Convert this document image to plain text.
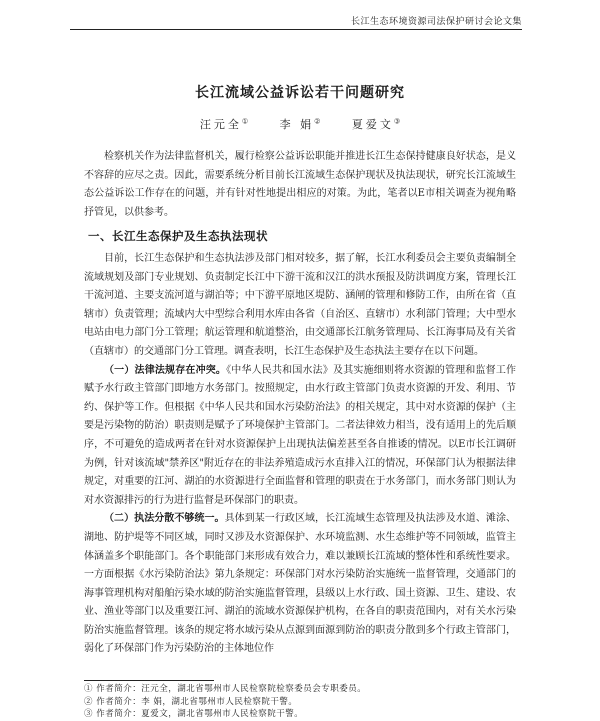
长江生态环境资源司法保护研讨会论文集
长江流域公益诉讼若干问题研究
汪元全①	李 娟②	夏爱文③

检察机关作为法律监督机关，履行检察公益诉讼职能并推进长江生态保持健康良好状态，是义不容辞的应尽之责。因此，需要系统分析目前长江流域生态保护现状及执法现状，研究长江流域生态公益诉讼工作存在的问题，并有针对性地提出相应的对策。为此，笔者以E市相关调查为视角略抒管见，以供参考。

一、长江生态保护及生态执法现状

目前，长江生态保护和生态执法涉及部门相对较多，据了解，长江水利委员会主要负责编制全流域规划及部门专业规划、负责制定长江中下游干流和汉江的洪水预报及防洪调度方案，管理长江干流河道、主要支流河道与湖泊等；中下游平原地区堤防、涵闸的管理和修防工作，由所在省（直辖市）负责管理；流域内大中型综合利用水库由各省（自治区、直辖市）水利部门管理；大中型水电站由电力部门分工管理；航运管理和航道整治，由交通部长江航务管理局、长江海事局及有关省（直辖市）的交通部门分工管理。调查表明，长江生态保护及生态执法主要存在以下问题。

（一）法律法规存在冲突。《中华人民共和国水法》及其实施细则将水资源的管理和监督工作赋予水行政主管部门即地方水务部门。按照规定，由水行政主管部门负责水资源的开发、利用、节约、保护等工作。但根据《中华人民共和国水污染防治法》的相关规定，其中对水资源的保护（主要是污染物的防治）职责则是赋予了环境保护主管部门。二者法律效力相当，没有适用上的先后顺序，不可避免的造成两者在针对水资源保护上出现执法偏差甚至各自推诿的情况。以E市长江调研为例，针对该流域"禁养区"附近存在的非法养殖造成污水直排入江的情况，环保部门认为根据法律规定，对重要的江河、湖泊的水资源进行全面监督和管理的职责在于水务部门，而水务部门则认为对水资源排污的行为进行监督是环保部门的职责。

（二）执法分散不够统一。具体到某一行政区域，长江流域生态管理及执法涉及水道、滩涂、湖地、防护堤等不同区域，同时又涉及水资源保护、水环境监测、水生态维护等不同领域，监管主体涵盖多个职能部门。各个职能部门来形成有效合力，难以兼顾长江流域的整体性和系统性要求。一方面根据《水污染防治法》第九条规定：环保部门对水污染防治实施统一监督管理，交通部门的海事管理机构对船舶污染水域的防治实施监督管理，县级以上水行政、国土资源、卫生、建设、农业、渔业等部门以及重要江河、湖泊的流域水资源保护机构，在各自的职责范围内，对有关水污染防治实施监督管理。该条的规定将水域污染从点源到面源到防治的职责分散到多个行政主管部门，弱化了环保部门作为污染防治的主体地位作

① 作者简介：汪元全，湖北省鄂州市人民检察院检察委员会专职委员。
② 作者简介：李 娟，湖北省鄂州市人民检察院干警。
③ 作者简介：夏爱文，湖北省鄂州市人民检察院干警。
